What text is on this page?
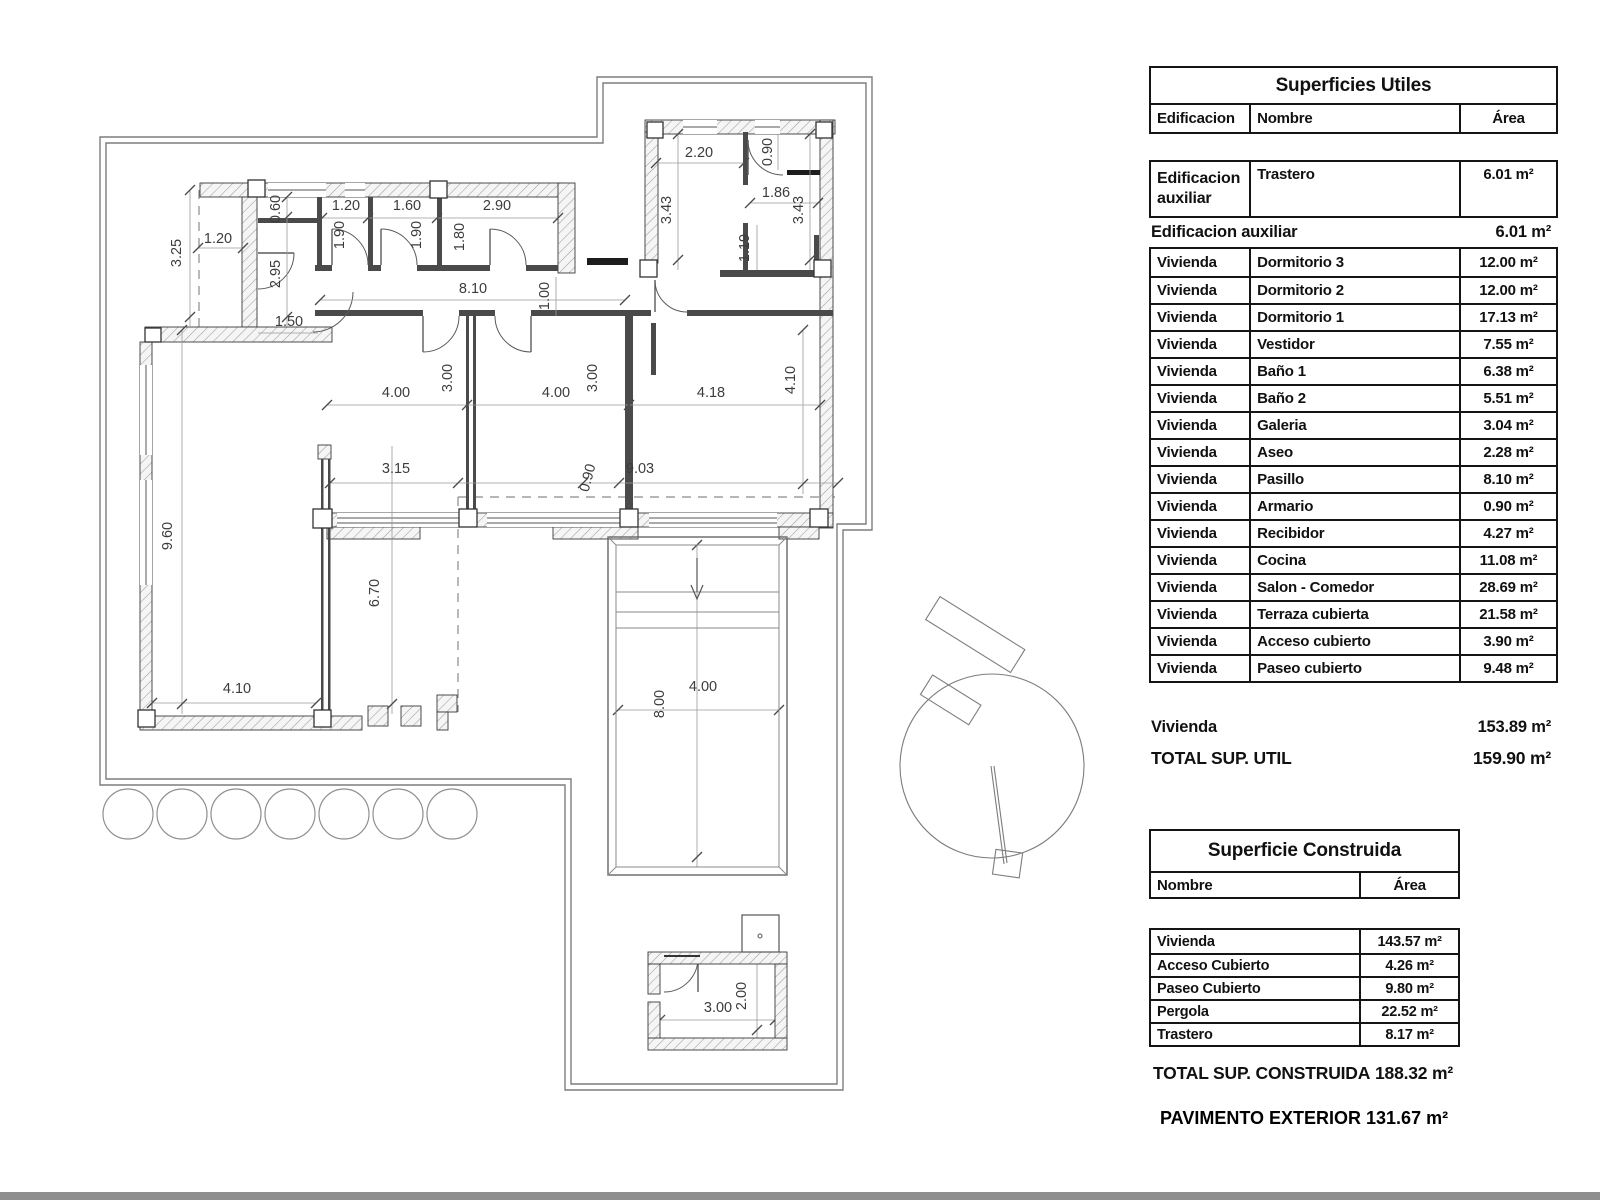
1.20
3.25
0.60
2.95
1.20 1.60	2.90
1.90	1.90 1.80
2.20	0.90
3.43
1.86
3.43
1.19
8.10	1.00
1.50
4.00
3.00
4.00
3.00
4.18	4.10
3.15	0.90 9.03
9.60
6.70
4.10
8.00
4.00
3.00 2.00
Superficies Utiles
Edificacion	Nombre	Área
Edificacion auxiliar
Trastero	6.01 m²
Edificacion auxiliar	6.01 m²
Vivienda	Dormitorio 3	12.00 m²
Vivienda	Dormitorio 2	12.00 m²
Vivienda	Dormitorio 1	17.13 m²
Vivienda	Vestidor	7.55 m²
Vivienda	Baño 1	6.38 m²
Vivienda	Baño 2	5.51 m²
Vivienda	Galeria	3.04 m²
Vivienda	Aseo	2.28 m²
Vivienda	Pasillo	8.10 m²
Vivienda	Armario	0.90 m²
Vivienda	Recibidor	4.27 m²
Vivienda	Cocina	11.08 m²
Vivienda	Salon - Comedor	28.69 m²
Vivienda	Terraza cubierta	21.58 m²
Vivienda	Acceso cubierto	3.90 m²
Vivienda	Paseo cubierto	9.48 m²
Vivienda	153.89 m²
TOTAL SUP. UTIL	159.90 m²
Superficie Construida
Nombre	Área
Vivienda	143.57 m²
Acceso Cubierto	4.26 m²
Paseo Cubierto	9.80 m²
Pergola	22.52 m²
Trastero	8.17 m²
TOTAL SUP. CONSTRUIDA 188.32 m²
PAVIMENTO EXTERIOR 131.67 m²
